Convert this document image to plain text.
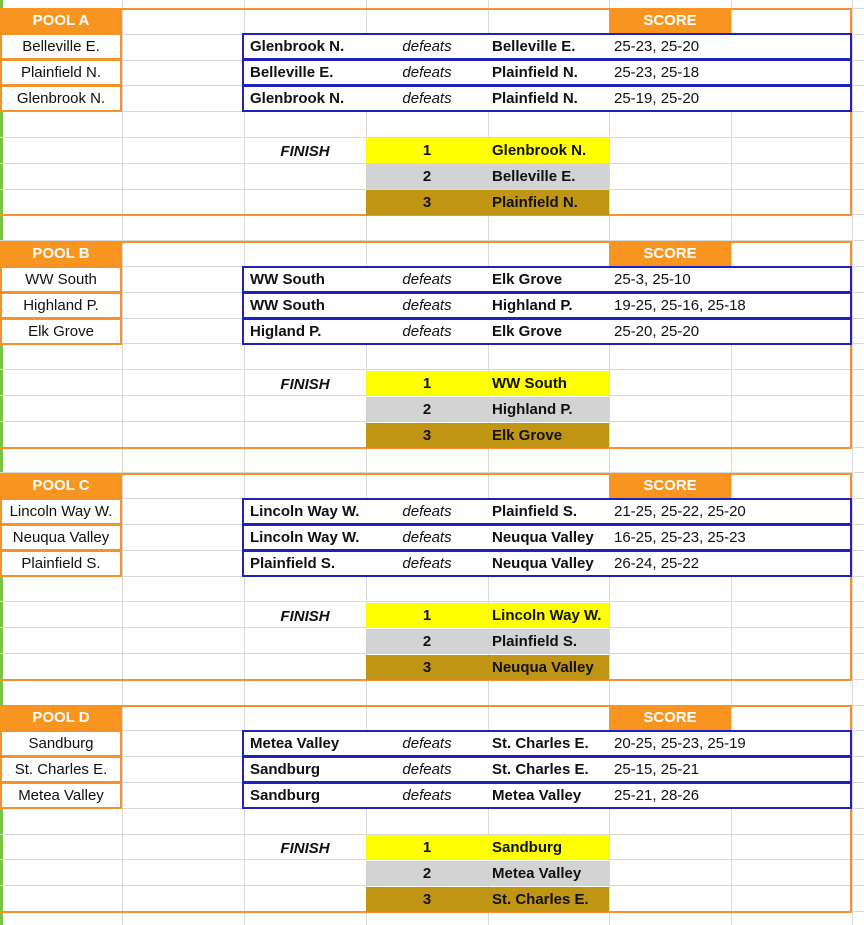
POOL A	SCORE
Belleville E.
Plainfield N.
Glenbrook N.
Glenbrook N.	defeats	Belleville E.	25-23, 25-20
Belleville E.	defeats	Plainfield N.	25-23, 25-18
Glenbrook N.	defeats	Plainfield N.	25-19, 25-20
FINISH	1	Glenbrook N.
2	Belleville E.
3	Plainfield N.
POOL B	SCORE
WW South
Highland P.
Elk Grove
WW South	defeats	Elk Grove	25-3, 25-10
WW South	defeats	Highland P.	19-25, 25-16, 25-18
Higland P.	defeats	Elk Grove	25-20, 25-20
FINISH	1	WW South
2	Highland P.
3	Elk Grove
POOL C	SCORE
Lincoln Way W.
Neuqua Valley
Plainfield S.
Lincoln Way W.	defeats	Plainfield S.	21-25, 25-22, 25-20
Lincoln Way W.	defeats	Neuqua Valley	16-25, 25-23, 25-23
Plainfield S.	defeats	Neuqua Valley	26-24, 25-22
FINISH	1	Lincoln Way W.
2	Plainfield S.
3	Neuqua Valley
POOL D	SCORE
Sandburg
St. Charles E.
Metea Valley
Metea Valley	defeats	St. Charles E.	20-25, 25-23, 25-19
Sandburg	defeats	St. Charles E.	25-15, 25-21
Sandburg	defeats	Metea Valley	25-21, 28-26
FINISH	1	Sandburg
2	Metea Valley
3	St. Charles E.
